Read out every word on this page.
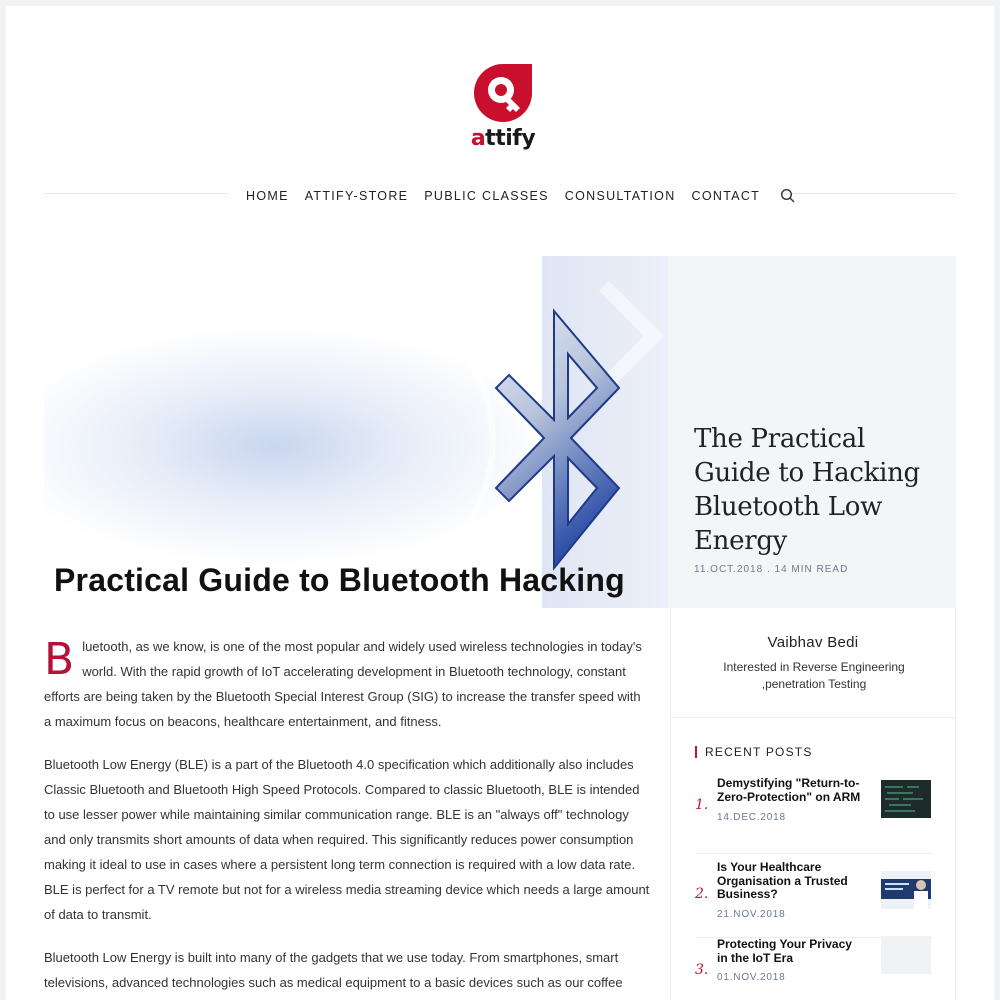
attify
HOME ATTIFY-STORE PUBLIC CLASSES CONSULTATION CONTACT
Practical Guide to Bluetooth Hacking
The Practical Guide to Hacking Bluetooth Low Energy
11.OCT.2018 . 14 MIN READ
Vaibhav Bedi
Interested in Reverse Engineering ,penetration Testing
RECENT POSTS
1.
Demystifying "Return-to-Zero-Protection" on ARM
14.DEC.2018
2.
Is Your Healthcare Organisation a Trusted Business?
21.NOV.2018
3.
Protecting Your Privacy in the IoT Era
01.NOV.2018

Bluetooth, as we know, is one of the most popular and widely used wireless technologies in today's world. With the rapid growth of IoT accelerating development in Bluetooth technology, constant efforts are being taken by the Bluetooth Special Interest Group (SIG) to increase the transfer speed with a maximum focus on beacons, healthcare entertainment, and fitness.

Bluetooth Low Energy (BLE) is a part of the Bluetooth 4.0 specification which additionally also includes Classic Bluetooth and Bluetooth High Speed Protocols. Compared to classic Bluetooth, BLE is intended to use lesser power while maintaining similar communication range. BLE is an "always off" technology and only transmits short amounts of data when required. This significantly reduces power consumption making it ideal to use in cases where a persistent long term connection is required with a low data rate. BLE is perfect for a TV remote but not for a wireless media streaming device which needs a large amount of data to transmit.

Bluetooth Low Energy is built into many of the gadgets that we use today. From smartphones, smart televisions, advanced technologies such as medical equipment to a basic devices such as our coffee
